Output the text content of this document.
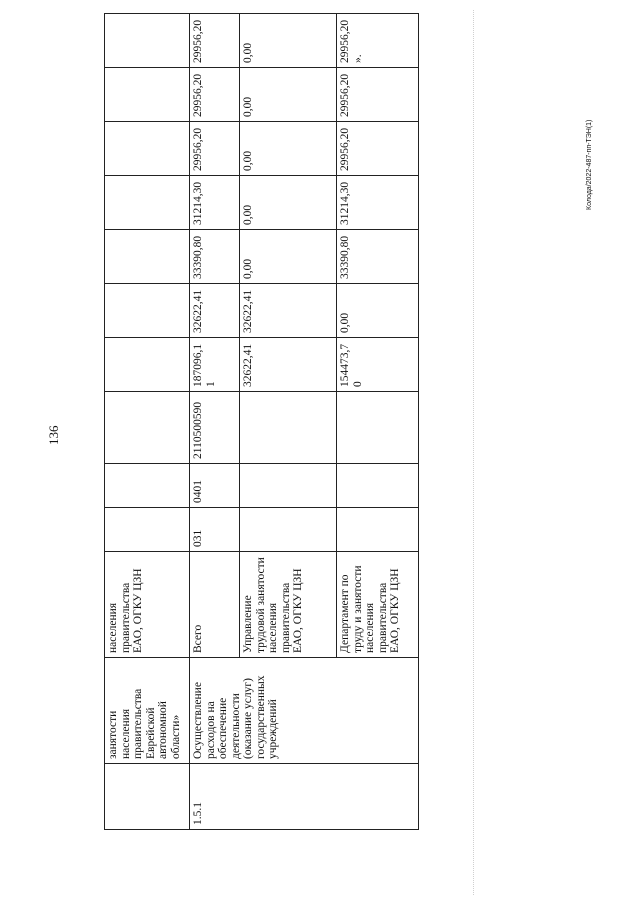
136
Колода/2022-487-пп-ТЭН(1)
	занятости населения правительства Еврейской автономной области»	населения правительства ЕАО, ОГКУ ЦЗН										
1.5.1	Осуществление расходов на обеспечение деятельности (оказание услуг) государственных учреждений	Всего	031	0401	2110500590	187096,11	32622,41	33390,80	31214,30	29956,20	29956,20	29956,20
		Управление трудовой занятости населения правительства ЕАО, ОГКУ ЦЗН				32622,41	32622,41	0,00	0,00	0,00	0,00	0,00
		Департамент по труду и занятости населения правительства ЕАО, ОГКУ ЦЗН				154473,70	0,00	33390,80	31214,30	29956,20	29956,20	29956,20».
